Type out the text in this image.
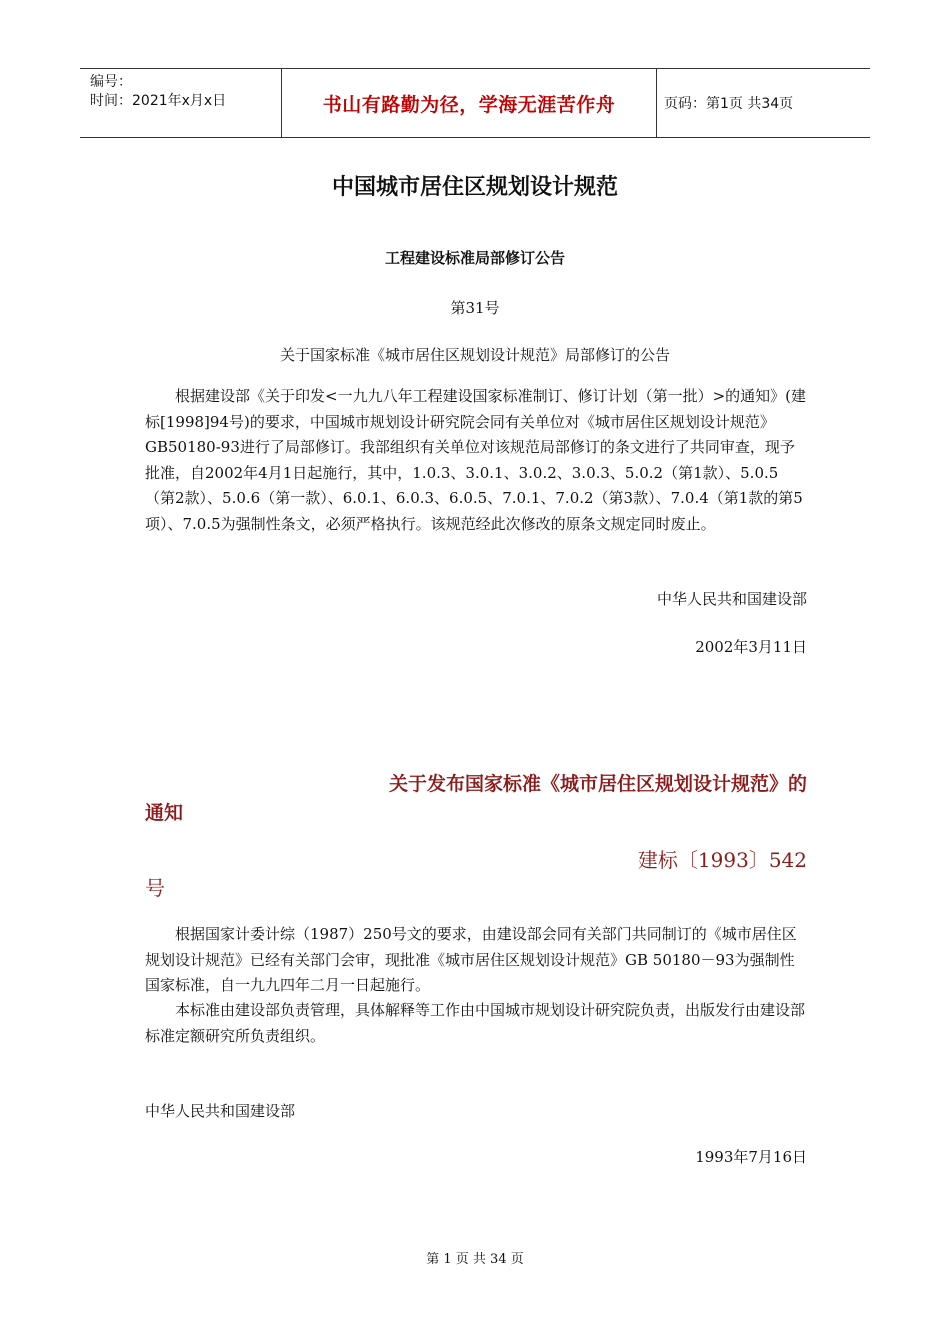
编号：
时间：2021年x月x日	书山有路勤为径，学海无涯苦作舟	页码：第1页 共34页
中国城市居住区规划设计规范
工程建设标准局部修订公告
第31号
关于国家标准《城市居住区规划设计规范》局部修订的公告

根据建设部《关于印发<一九九八年工程建设国家标准制订、修订计划（第一批）>的通知》(建标[1998]94号)的要求，中国城市规划设计研究院会同有关单位对《城市居住区规划设计规范》GB50180-93进行了局部修订。我部组织有关单位对该规范局部修订的条文进行了共同审查，现予批准，自2002年4月1日起施行，其中，1.0.3、3.0.1、3.0.2、3.0.3、5.0.2（第1款）、5.0.5（第2款）、5.0.6（第一款）、6.0.1、6.0.3、6.0.5、7.0.1、7.0.2（第3款）、7.0.4（第1款的第5项）、7.0.5为强制性条文，必须严格执行。该规范经此次修改的原条文规定同时废止。

中华人民共和国建设部
2002年3月11日
关于发布国家标准《城市居住区规划设计规范》的
通知
建标〔1993〕542
号

根据国家计委计综（1987）250号文的要求，由建设部会同有关部门共同制订的《城市居住区规划设计规范》已经有关部门会审，现批准《城市居住区规划设计规范》GB 50180－93为强制性国家标准，自一九九四年二月一日起施行。

本标准由建设部负责管理，具体解释等工作由中国城市规划设计研究院负责，出版发行由建设部标准定额研究所负责组织。

中华人民共和国建设部
1993年7月16日
第 1 页 共 34 页
